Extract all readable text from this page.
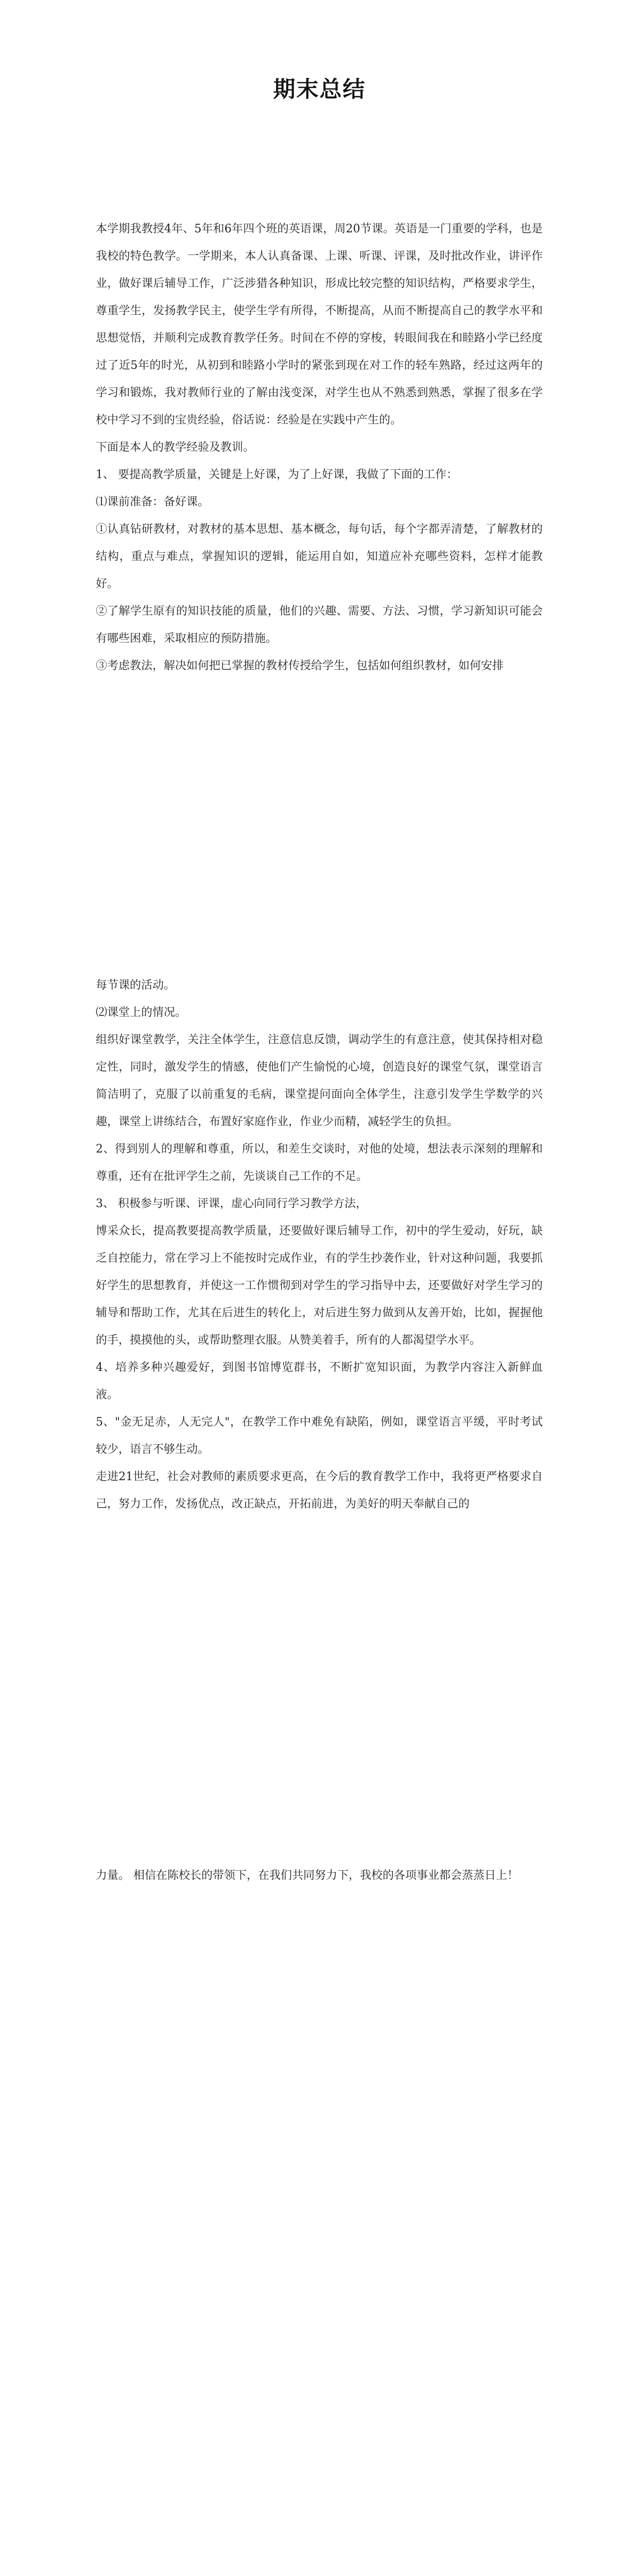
期末总结

本学期我教授4年、5年和6年四个班的英语课，周20节课。英语是一门重要的学科，也是我校的特色教学。一学期来，本人认真备课、上课、听课、评课，及时批改作业，讲评作业，做好课后辅导工作，广泛涉猎各种知识，形成比较完整的知识结构，严格要求学生，尊重学生，发扬教学民主，使学生学有所得，不断提高，从而不断提高自己的教学水平和思想觉悟，并顺利完成教育教学任务。时间在不停的穿梭，转眼间我在和睦路小学已经度过了近5年的时光，从初到和睦路小学时的紧张到现在对工作的轻车熟路，经过这两年的学习和锻炼，我对教师行业的了解由浅变深，对学生也从不熟悉到熟悉，掌握了很多在学校中学习不到的宝贵经验，俗话说：经验是在实践中产生的。

下面是本人的教学经验及教训。

1、 要提高教学质量，关键是上好课，为了上好课，我做了下面的工作：

⑴课前准备：备好课。

①认真钻研教材，对教材的基本思想、基本概念，每句话，每个字都弄清楚，了解教材的结构，重点与难点，掌握知识的逻辑，能运用自如，知道应补充哪些资料，怎样才能教好。

②了解学生原有的知识技能的质量，他们的兴趣、需要、方法、习惯，学习新知识可能会有哪些困难，采取相应的预防措施。

③考虑教法，解决如何把已掌握的教材传授给学生，包括如何组织教材，如何安排

每节课的活动。

⑵课堂上的情况。

组织好课堂教学，关注全体学生，注意信息反馈，调动学生的有意注意，使其保持相对稳定性，同时，激发学生的情感，使他们产生愉悦的心境，创造良好的课堂气氛，课堂语言简洁明了，克服了以前重复的毛病，课堂提问面向全体学生，注意引发学生学数学的兴趣，课堂上讲练结合，布置好家庭作业，作业少而精，减轻学生的负担。

2、得到别人的理解和尊重，所以，和差生交谈时，对他的处境，想法表示深刻的理解和尊重，还有在批评学生之前，先谈谈自己工作的不足。

3、 积极参与听课、评课，虚心向同行学习教学方法，

博采众长，提高教要提高教学质量，还要做好课后辅导工作，初中的学生爱动，好玩，缺乏自控能力，常在学习上不能按时完成作业，有的学生抄袭作业，针对这种问题，我要抓好学生的思想教育，并使这一工作惯彻到对学生的学习指导中去，还要做好对学生学习的辅导和帮助工作，尤其在后进生的转化上，对后进生努力做到从友善开始，比如，握握他的手，摸摸他的头，或帮助整理衣服。从赞美着手，所有的人都渴望学水平。

4、培养多种兴趣爱好，到图书馆博览群书，不断扩宽知识面，为教学内容注入新鲜血液。

5、"金无足赤，人无完人"，在教学工作中难免有缺陷，例如，课堂语言平缓，平时考试较少，语言不够生动。

走进21世纪，社会对教师的素质要求更高，在今后的教育教学工作中，我将更严格要求自己，努力工作，发扬优点，改正缺点，开拓前进，为美好的明天奉献自己的

力量。 相信在陈校长的带领下，在我们共同努力下，我校的各项事业都会蒸蒸日上！
